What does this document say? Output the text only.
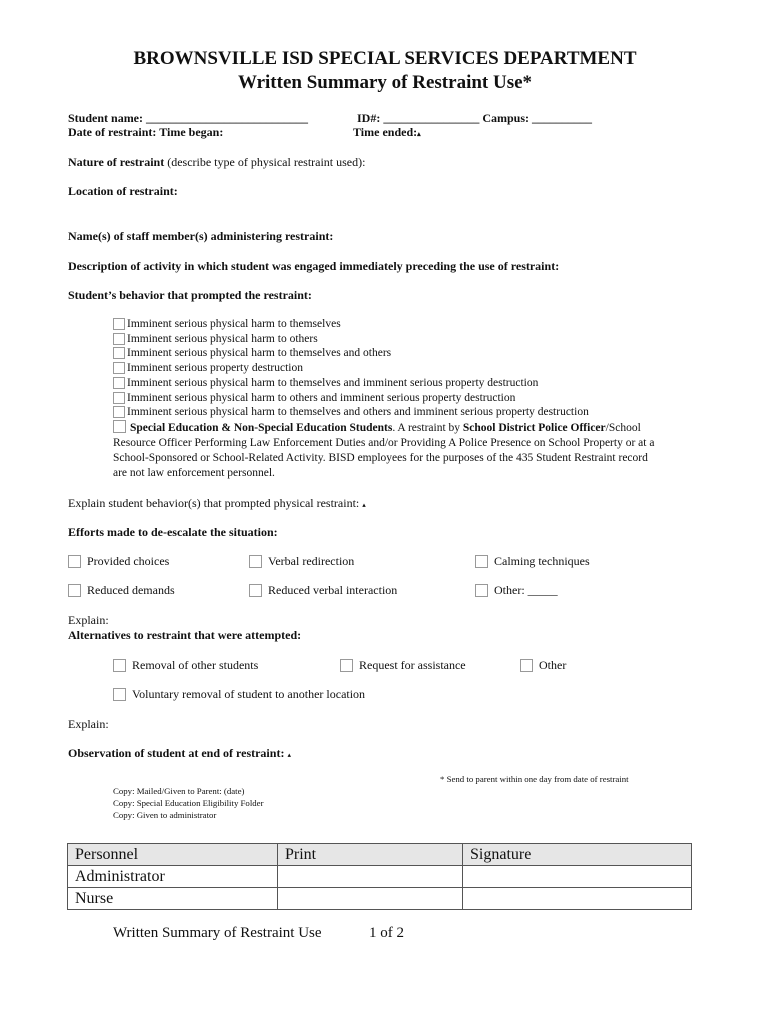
BROWNSVILLE ISD SPECIAL SERVICES DEPARTMENT
Written Summary of Restraint Use*
Student name: ___________________________	ID#: ________________ Campus: __________
Date of restraint: Time began:	Time ended:▴
Nature of restraint (describe type of physical restraint used):
Location of restraint:
Name(s) of staff member(s) administering restraint:
Description of activity in which student was engaged immediately preceding the use of restraint:
Student’s behavior that prompted the restraint:
Imminent serious physical harm to themselves
Imminent serious physical harm to others
Imminent serious physical harm to themselves and others
Imminent serious property destruction
Imminent serious physical harm to themselves and imminent serious property destruction
Imminent serious physical harm to others and imminent serious property destruction
Imminent serious physical harm to themselves and others and imminent serious property destruction
Special Education & Non-Special Education Students. A restraint by School District Police Officer/School Resource Officer Performing Law Enforcement Duties and/or Providing A Police Presence on School Property or at a School-Sponsored or School-Related Activity. BISD employees for the purposes of the 435 Student Restraint record are not law enforcement personnel.
Explain student behavior(s) that prompted physical restraint: ▴
Efforts made to de-escalate the situation:
Provided choices	Verbal redirection	Calming techniques
Reduced demands	Reduced verbal interaction	Other: _____
Explain:
Alternatives to restraint that were attempted:
Removal of other students	Request for assistance	Other
Voluntary removal of student to another location
Explain:
Observation of student at end of restraint: ▴
* Send to parent within one day from date of restraint
Copy: Mailed/Given to Parent: (date)
Copy: Special Education Eligibility Folder
Copy: Given to administrator
Personnel	Print	Signature
Administrator		
Nurse		
Written Summary of Restraint Use	1 of 2
